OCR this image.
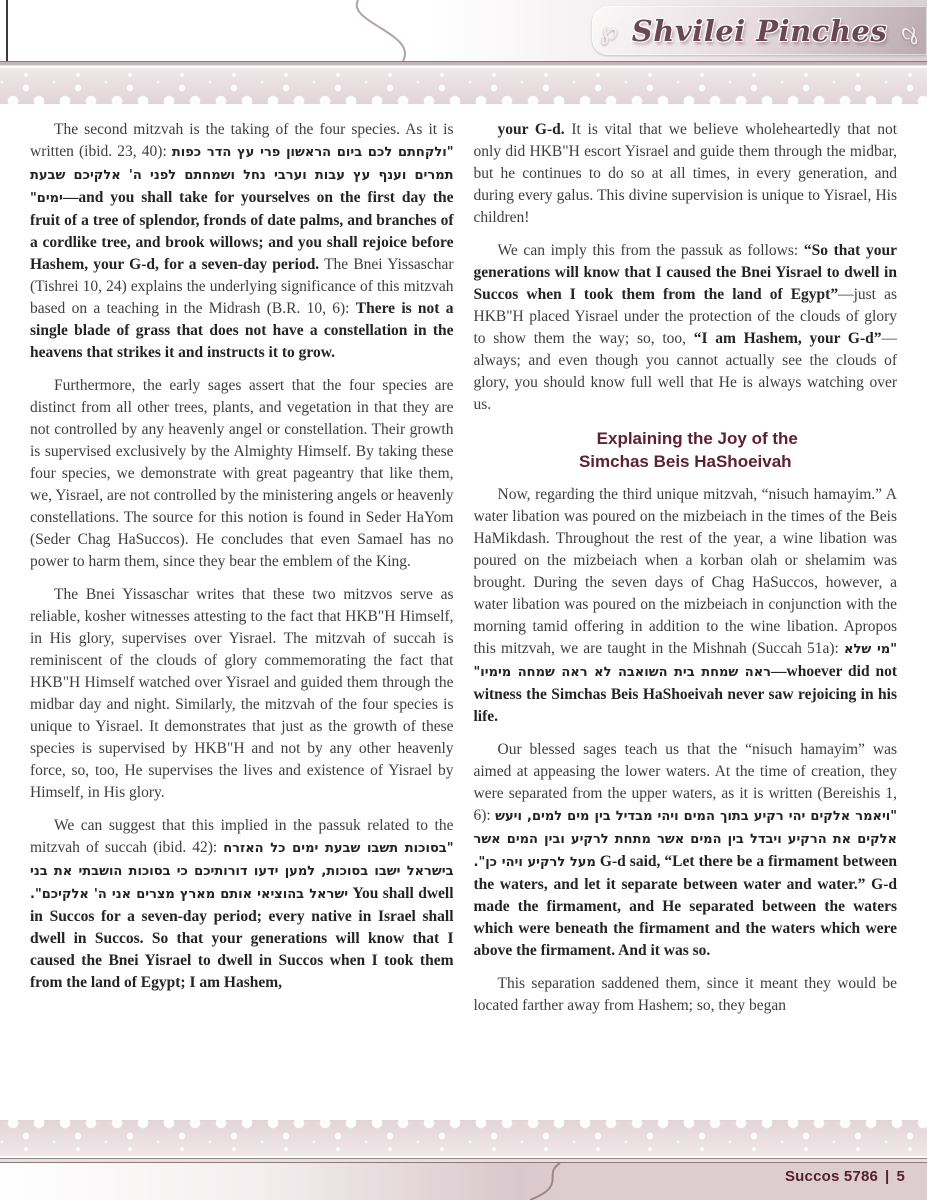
℘ Shvilei Pinches ℘

The second mitzvah is the taking of the four species. As it is written (ibid. 23, 40): "ולקחתם לכם ביום הראשון פרי עץ הדר כפות תמרים וענף עץ עבות וערבי נחל ושמחתם לפני ה' אלקיכם שבעת ימים"—and you shall take for yourselves on the first day the fruit of a tree of splendor, fronds of date palms, and branches of a cordlike tree, and brook willows; and you shall rejoice before Hashem, your G-d, for a seven-day period. The Bnei Yissaschar (Tishrei 10, 24) explains the underlying significance of this mitzvah based on a teaching in the Midrash (B.R. 10, 6): There is not a single blade of grass that does not have a constellation in the heavens that strikes it and instructs it to grow.

Furthermore, the early sages assert that the four species are distinct from all other trees, plants, and vegetation in that they are not controlled by any heavenly angel or constellation. Their growth is supervised exclusively by the Almighty Himself. By taking these four species, we demonstrate with great pageantry that like them, we, Yisrael, are not controlled by the ministering angels or heavenly constellations. The source for this notion is found in Seder HaYom (Seder Chag HaSuccos). He concludes that even Samael has no power to harm them, since they bear the emblem of the King.

The Bnei Yissaschar writes that these two mitzvos serve as reliable, kosher witnesses attesting to the fact that HKB"H Himself, in His glory, supervises over Yisrael. The mitzvah of succah is reminiscent of the clouds of glory commemorating the fact that HKB"H Himself watched over Yisrael and guided them through the midbar day and night. Similarly, the mitzvah of the four species is unique to Yisrael. It demonstrates that just as the growth of these species is supervised by HKB"H and not by any other heavenly force, so, too, He supervises the lives and existence of Yisrael by Himself, in His glory.

We can suggest that this implied in the passuk related to the mitzvah of succah (ibid. 42): "בסוכות תשבו שבעת ימים כל האזרח בישראל ישבו בסוכות, למען ידעו דורותיכם כי בסוכות הושבתי את בני ישראל בהוציאי אותם מארץ מצרים אני ה' אלקיכם". You shall dwell in Succos for a seven-day period; every native in Israel shall dwell in Succos. So that your generations will know that I caused the Bnei Yisrael to dwell in Succos when I took them from the land of Egypt; I am Hashem,

your G-d. It is vital that we believe wholeheartedly that not only did HKB"H escort Yisrael and guide them through the midbar, but he continues to do so at all times, in every generation, and during every galus. This divine supervision is unique to Yisrael, His children!

We can imply this from the passuk as follows: “So that your generations will know that I caused the Bnei Yisrael to dwell in Succos when I took them from the land of Egypt”—just as HKB"H placed Yisrael under the protection of the clouds of glory to show them the way; so, too, “I am Hashem, your G-d”—always; and even though you cannot actually see the clouds of glory, you should know full well that He is always watching over us.

Explaining the Joy of the
Simchas Beis HaShoeivah

Now, regarding the third unique mitzvah, “nisuch hamayim.” A water libation was poured on the mizbeiach in the times of the Beis HaMikdash. Throughout the rest of the year, a wine libation was poured on the mizbeiach when a korban olah or shelamim was brought. During the seven days of Chag HaSuccos, however, a water libation was poured on the mizbeiach in conjunction with the morning tamid offering in addition to the wine libation. Apropos this mitzvah, we are taught in the Mishnah (Succah 51a): "מי שלא ראה שמחת בית השואבה לא ראה שמחה מימיו"—whoever did not witness the Simchas Beis HaShoeivah never saw rejoicing in his life.

Our blessed sages teach us that the “nisuch hamayim” was aimed at appeasing the lower waters. At the time of creation, they were separated from the upper waters, as it is written (Bereishis 1, 6): "ויאמר אלקים יהי רקיע בתוך המים ויהי מבדיל בין מים למים, ויעש אלקים את הרקיע ויבדל בין המים אשר מתחת לרקיע ובין המים אשר מעל לרקיע ויהי כן". G-d said, “Let there be a firmament between the waters, and let it separate between water and water.” G-d made the firmament, and He separated between the waters which were beneath the firmament and the waters which were above the firmament. And it was so.

This separation saddened them, since it meant they would be located farther away from Hashem; so, they began

Succos 5786 | 5
